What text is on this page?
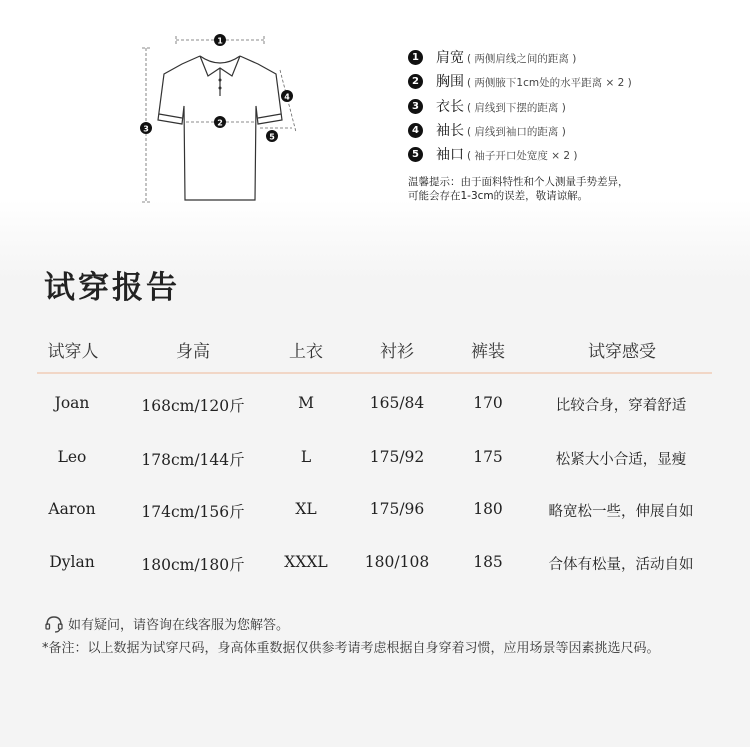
1
2
3
4
5
1 肩宽 ( 两侧肩线之间的距离 )
2 胸围 ( 两侧腋下1cm处的水平距离 × 2 )
3 衣长 ( 肩线到下摆的距离 )
4 袖长 ( 肩线到袖口的距离 )
5 袖口 ( 袖子开口处宽度 × 2 )
温馨提示：由于面料特性和个人测量手势差异，
可能会存在1-3cm的误差，敬请谅解。
试穿报告
试穿人	身高	上衣	衬衫	裤装	试穿感受
Joan	168cm/120斤	M	165/84	170	比较合身，穿着舒适
Leo	178cm/144斤	L	175/92	175	松紧大小合适，显瘦
Aaron	174cm/156斤	XL	175/96	180	略宽松一些，伸展自如
Dylan	180cm/180斤	XXXL 180/108	185	合体有松量，活动自如
如有疑问，请咨询在线客服为您解答。
*备注：以上数据为试穿尺码，身高体重数据仅供参考请考虑根据自身穿着习惯，应用场景等因素挑选尺码。
